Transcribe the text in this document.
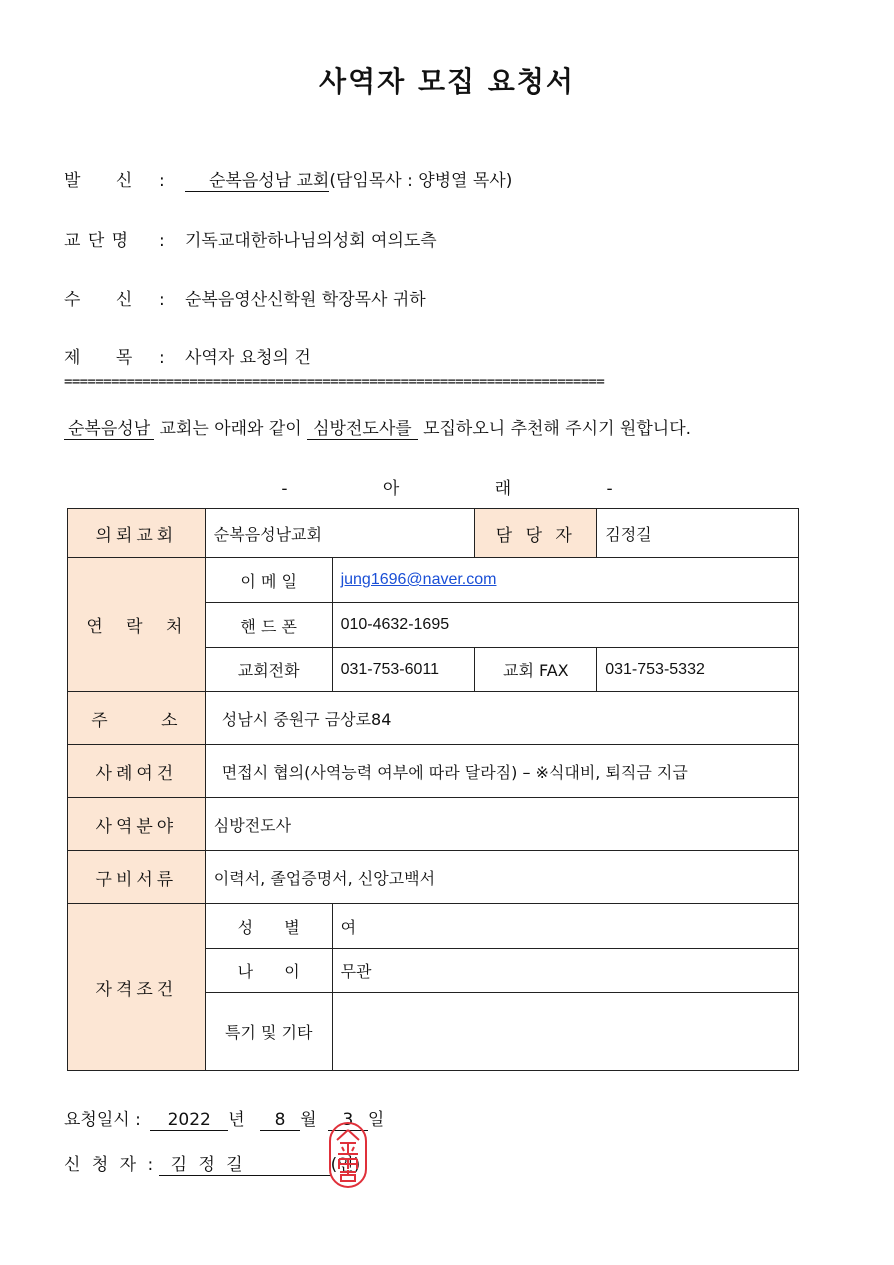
사역자 모집 요청서
발 신 :	순복음성남 교회(담임목사 : 양병열 목사)
교 단 명 : 기독교대한하나님의성회 여의도측
수 신 : 순복음영산신학원 학장목사 귀하
제 목 : 사역자 요청의 건
=====================================================================
순복음성남 교회는 아래와 같이 심방전도사를 모집하오니 추천해 주시기 원합니다.
- 아 래 -
의뢰교회	순복음성남교회		담 당 자	김정길
연 락 처	이 메 일	jung1696@naver.com		
	핸 드 폰	010-4632-1695		
	교회전화	031-753-6011	교회 FAX	031-753-5332
주 소	성남시 중원구 금상로84			
사례여건	면접시 협의(사역능력 여부에 따라 달라짐) – ※식대비, 퇴직금 지급			
사역분야	심방전도사			
구비서류	이력서, 졸업증명서, 신앙고백서			
자격조건	성 별	여		
	나 이	무관		
	특기 및 기타			
요청일시 : 2022 년 8 월 3 일
신 청 자 : 김 정 길	(인)
